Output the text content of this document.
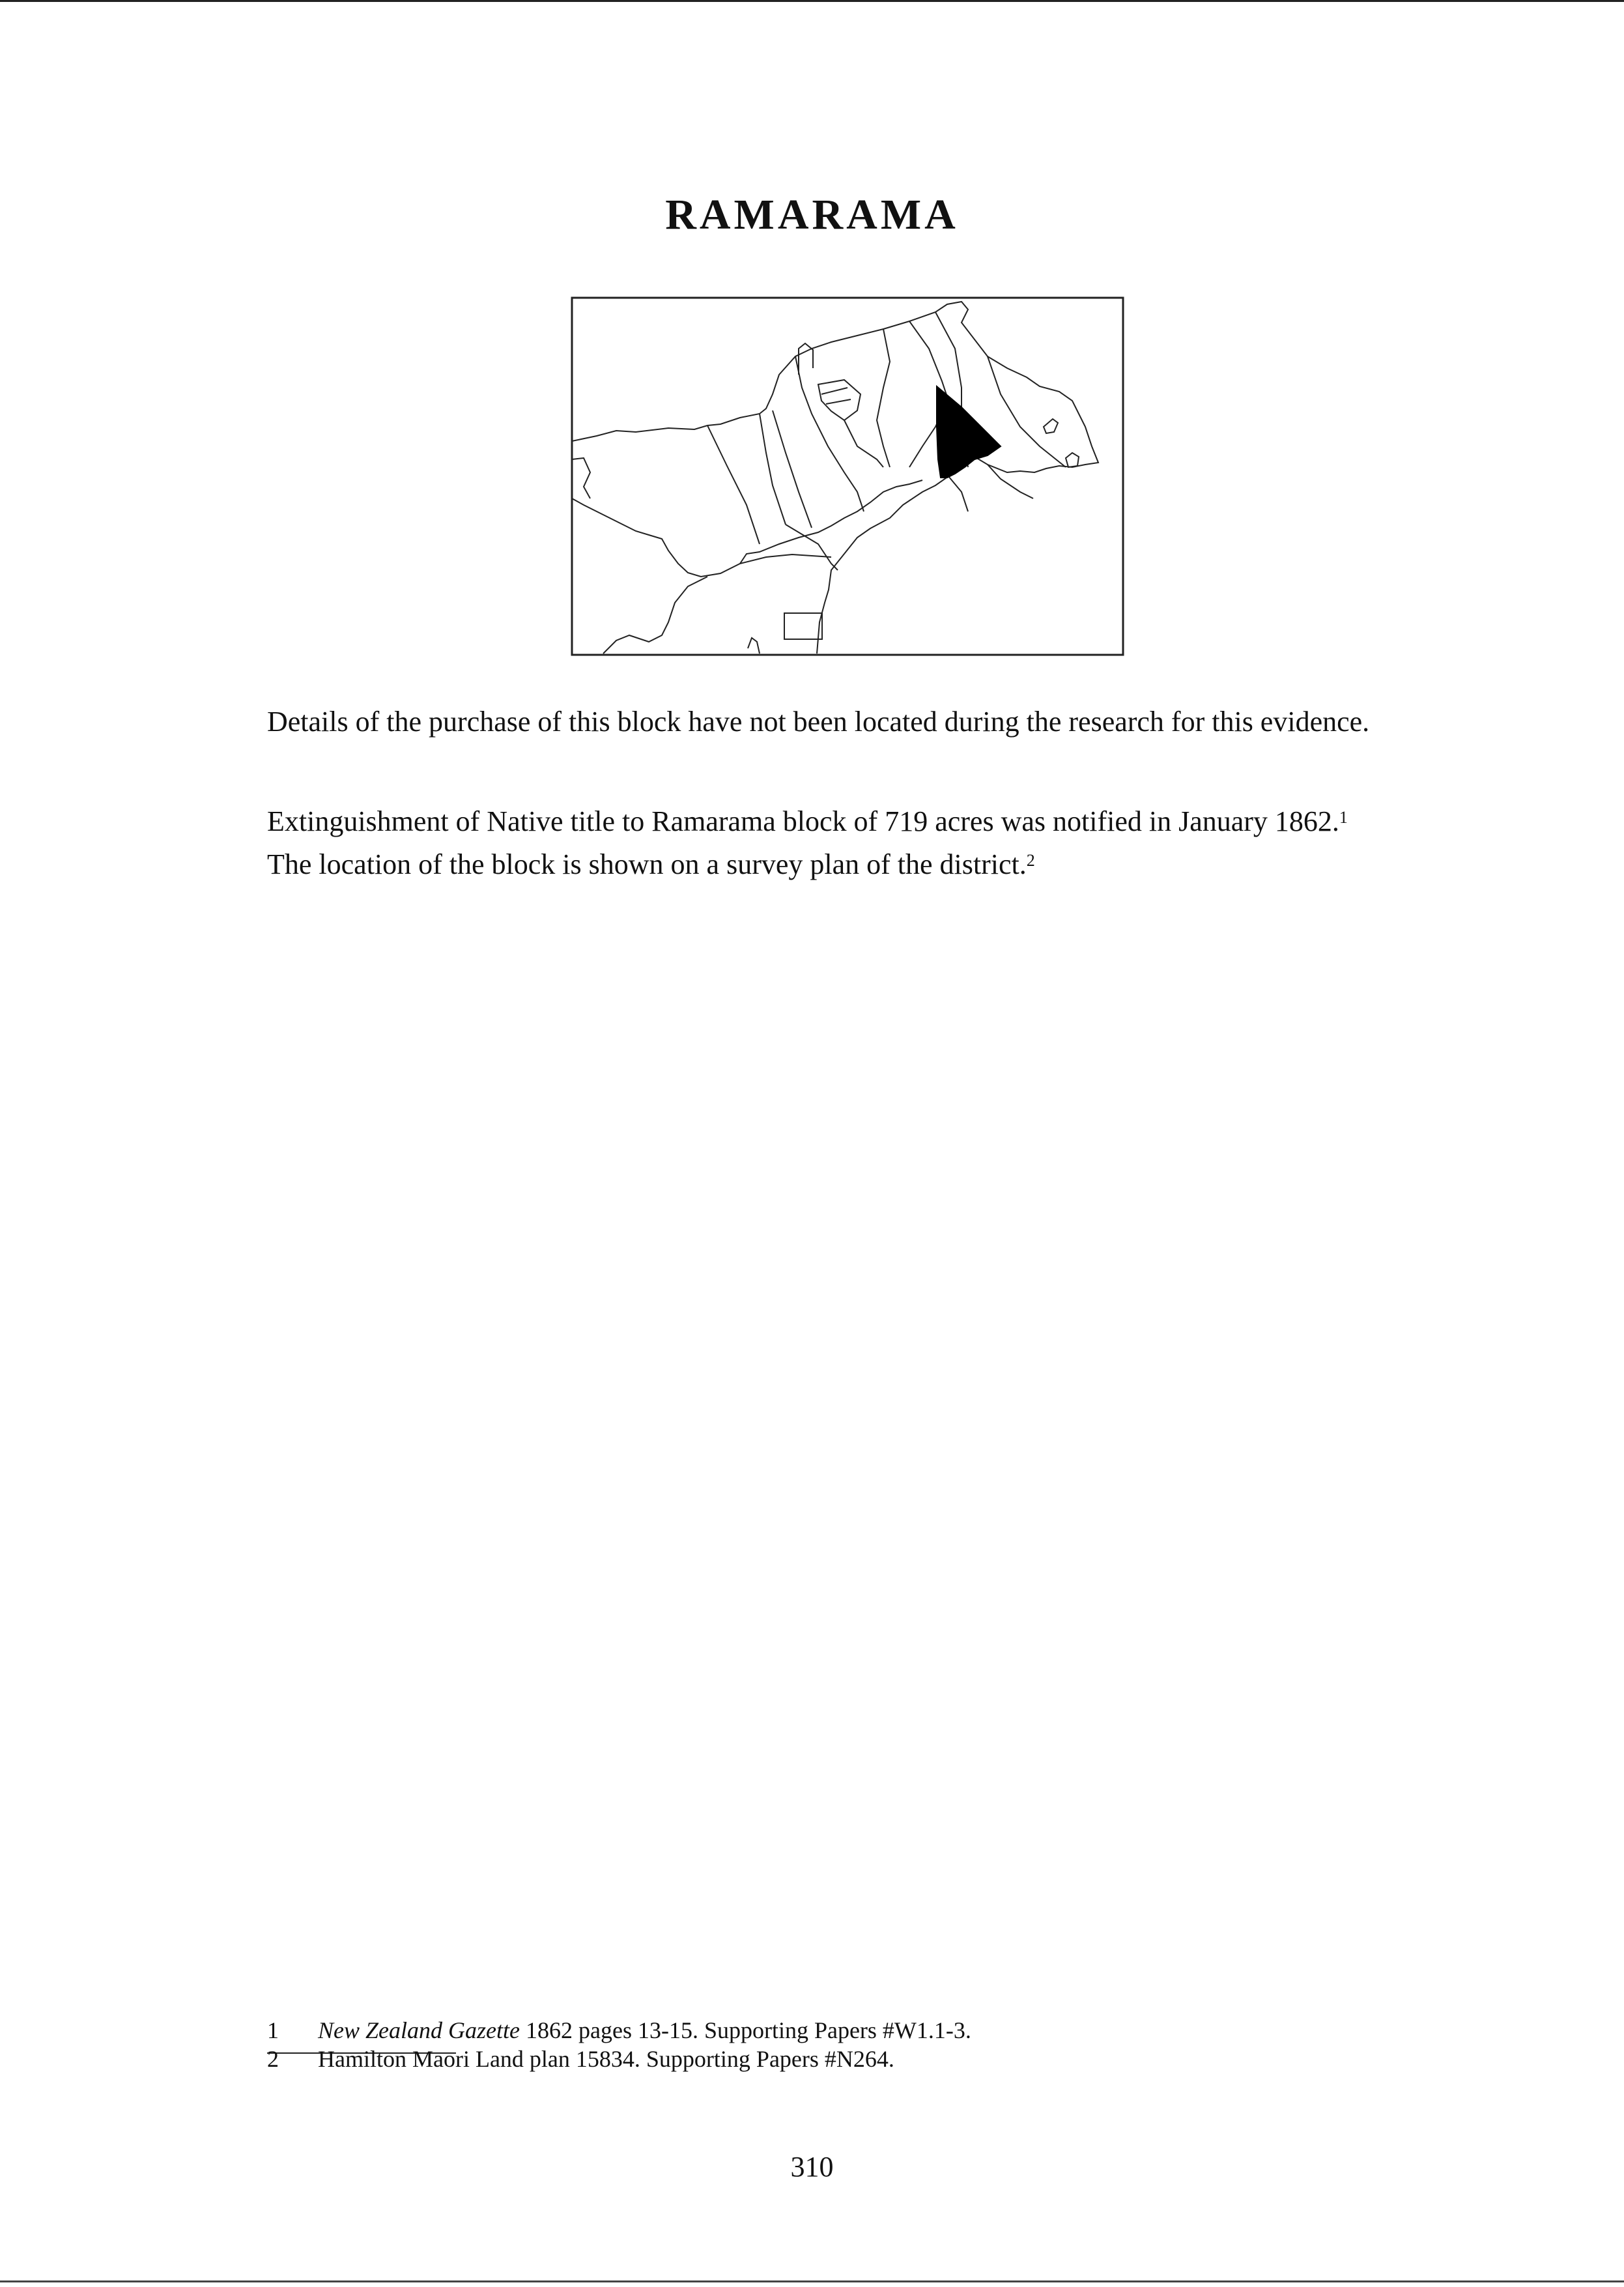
RAMARAMA

Details of the purchase of this block have not been located during the research for this evidence.

Extinguishment of Native title to Ramarama block of 719 acres was notified in January 1862.$^1$
The location of the block is shown on a survey plan of the district.$^2$

1	New Zealand Gazette 1862 pages 13-15. Supporting Papers #W1.1-3.
2	Hamilton Maori Land plan 15834. Supporting Papers #N264.
310
